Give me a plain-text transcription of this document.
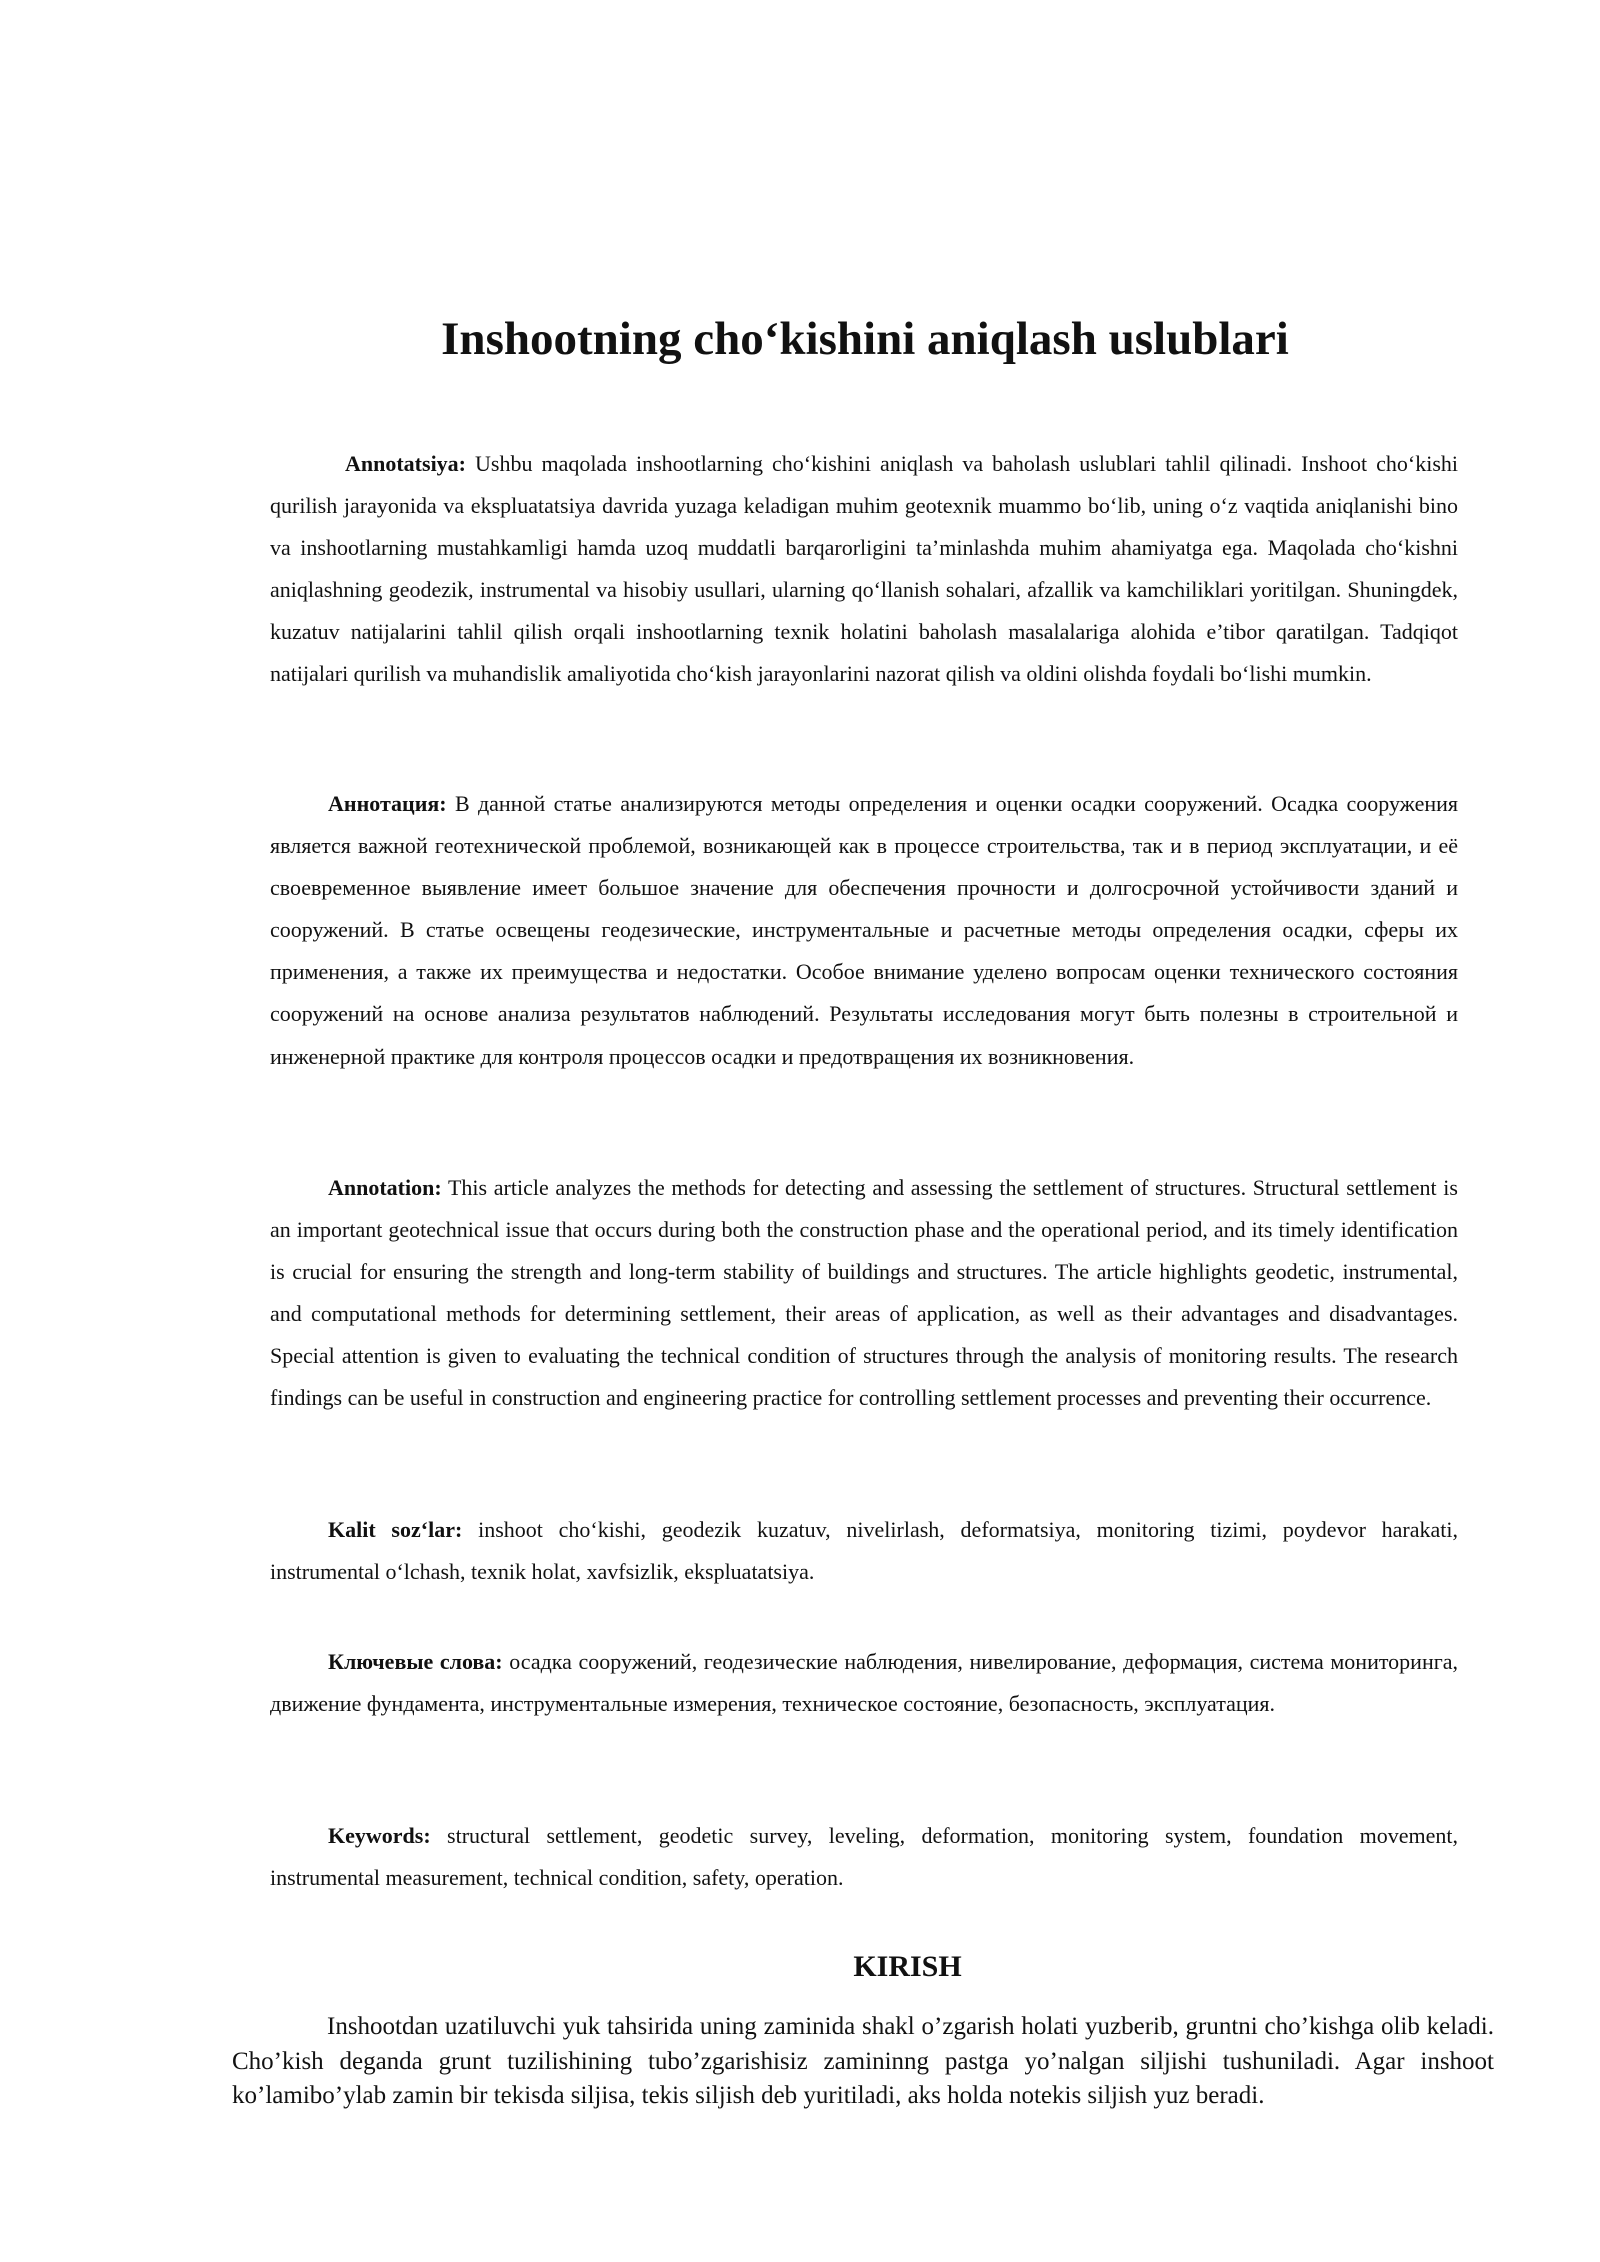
Inshootning cho‘kishini aniqlash uslublari

Annotatsiya: Ushbu maqolada inshootlarning cho‘kishini aniqlash va baholash uslublari tahlil qilinadi. Inshoot cho‘kishi qurilish jarayonida va ekspluatatsiya davrida yuzaga keladigan muhim geotexnik muammo bo‘lib, uning o‘z vaqtida aniqlanishi bino va inshootlarning mustahkamligi hamda uzoq muddatli barqarorligini ta’minlashda muhim ahamiyatga ega. Maqolada cho‘kishni aniqlashning geodezik, instrumental va hisobiy usullari, ularning qo‘llanish sohalari, afzallik va kamchiliklari yoritilgan. Shuningdek, kuzatuv natijalarini tahlil qilish orqali inshootlarning texnik holatini baholash masalalariga alohida e’tibor qaratilgan. Tadqiqot natijalari qurilish va muhandislik amaliyotida cho‘kish jarayonlarini nazorat qilish va oldini olishda foydali bo‘lishi mumkin.

Аннотация: В данной статье анализируются методы определения и оценки осадки сооружений. Осадка сооружения является важной геотехнической проблемой, возникающей как в процессе строительства, так и в период эксплуатации, и её своевременное выявление имеет большое значение для обеспечения прочности и долгосрочной устойчивости зданий и сооружений. В статье освещены геодезические, инструментальные и расчетные методы определения осадки, сферы их применения, а также их преимущества и недостатки. Особое внимание уделено вопросам оценки технического состояния сооружений на основе анализа результатов наблюдений. Результаты исследования могут быть полезны в строительной и инженерной практике для контроля процессов осадки и предотвращения их возникновения.

Annotation: This article analyzes the methods for detecting and assessing the settlement of structures. Structural settlement is an important geotechnical issue that occurs during both the construction phase and the operational period, and its timely identification is crucial for ensuring the strength and long-term stability of buildings and structures. The article highlights geodetic, instrumental, and computational methods for determining settlement, their areas of application, as well as their advantages and disadvantages. Special attention is given to evaluating the technical condition of structures through the analysis of monitoring results. The research findings can be useful in construction and engineering practice for controlling settlement processes and preventing their occurrence.

Kalit soz‘lar: inshoot cho‘kishi, geodezik kuzatuv, nivelirlash, deformatsiya, monitoring tizimi, poydevor harakati, instrumental o‘lchash, texnik holat, xavfsizlik, ekspluatatsiya.

Ключевые слова: осадка сооружений, геодезические наблюдения, нивелирование, деформация, система мониторинга, движение фундамента, инструментальные измерения, техническое состояние, безопасность, эксплуатация.

Keywords: structural settlement, geodetic survey, leveling, deformation, monitoring system, foundation movement, instrumental measurement, technical condition, safety, operation.

KIRISH

Inshootdan uzatiluvchi yuk tahsirida uning zaminida shakl o’zgarish holati yuzberib, gruntni cho’kishga olib keladi. Cho’kish deganda grunt tuzilishining tubo’zgarishisiz zamininng pastga yo’nalgan siljishi tushuniladi. Agar inshoot ko’lamibo’ylab zamin bir tekisda siljisa, tekis siljish deb yuritiladi, aks holda notekis siljish yuz beradi.
